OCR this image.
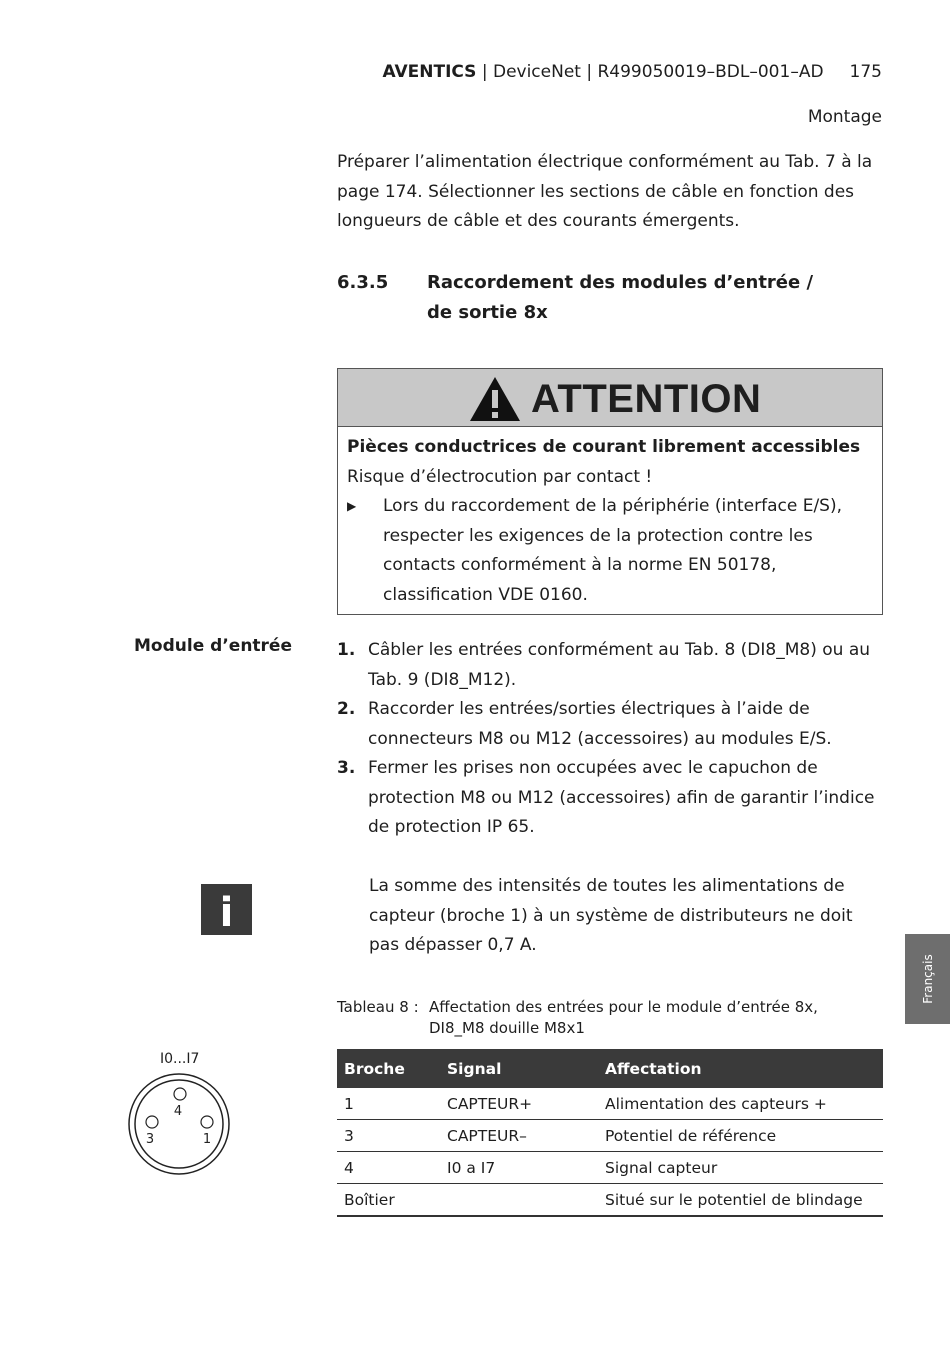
AVENTICS | DeviceNet | R499050019–BDL–001–AD 175
Montage
Préparer l’alimentation électrique conformément au Tab. 7 à la
page 174. Sélectionner les sections de câble en fonction des
longueurs de câble et des courants émergents.
6.3.5 Raccordement des modules d’entrée /
de sortie 8x
ATTENTION
Pièces conductrices de courant librement accessibles
Risque d’électrocution par contact !
▶ Lors du raccordement de la périphérie (interface E/S),
respecter les exigences de la protection contre les
contacts conformément à la norme EN 50178,
classification VDE 0160.
Module d’entrée	1. Câbler les entrées conformément au Tab. 8 (DI8_M8) ou au
Tab. 9 (DI8_M12).
2. Raccorder les entrées/sorties électriques à l’aide de
connecteurs M8 ou M12 (accessoires) au modules E/S.
3. Fermer les prises non occupées avec le capuchon de
protection M8 ou M12 (accessoires) afin de garantir l’indice
de protection IP 65.
i
La somme des intensités de toutes les alimentations de
capteur (broche 1) à un système de distributeurs ne doit
pas dépasser 0,7 A.
Français
Tableau 8 : Affectation des entrées pour le module d’entrée 8x,
DI8_M8 douille M8x1
I0...I7
4
3	1
Broche	Signal	Affectation
1	CAPTEUR+	Alimentation des capteurs +
3	CAPTEUR–	Potentiel de référence
4	I0 a I7	Signal capteur
Boîtier		Situé sur le potentiel de blindage
